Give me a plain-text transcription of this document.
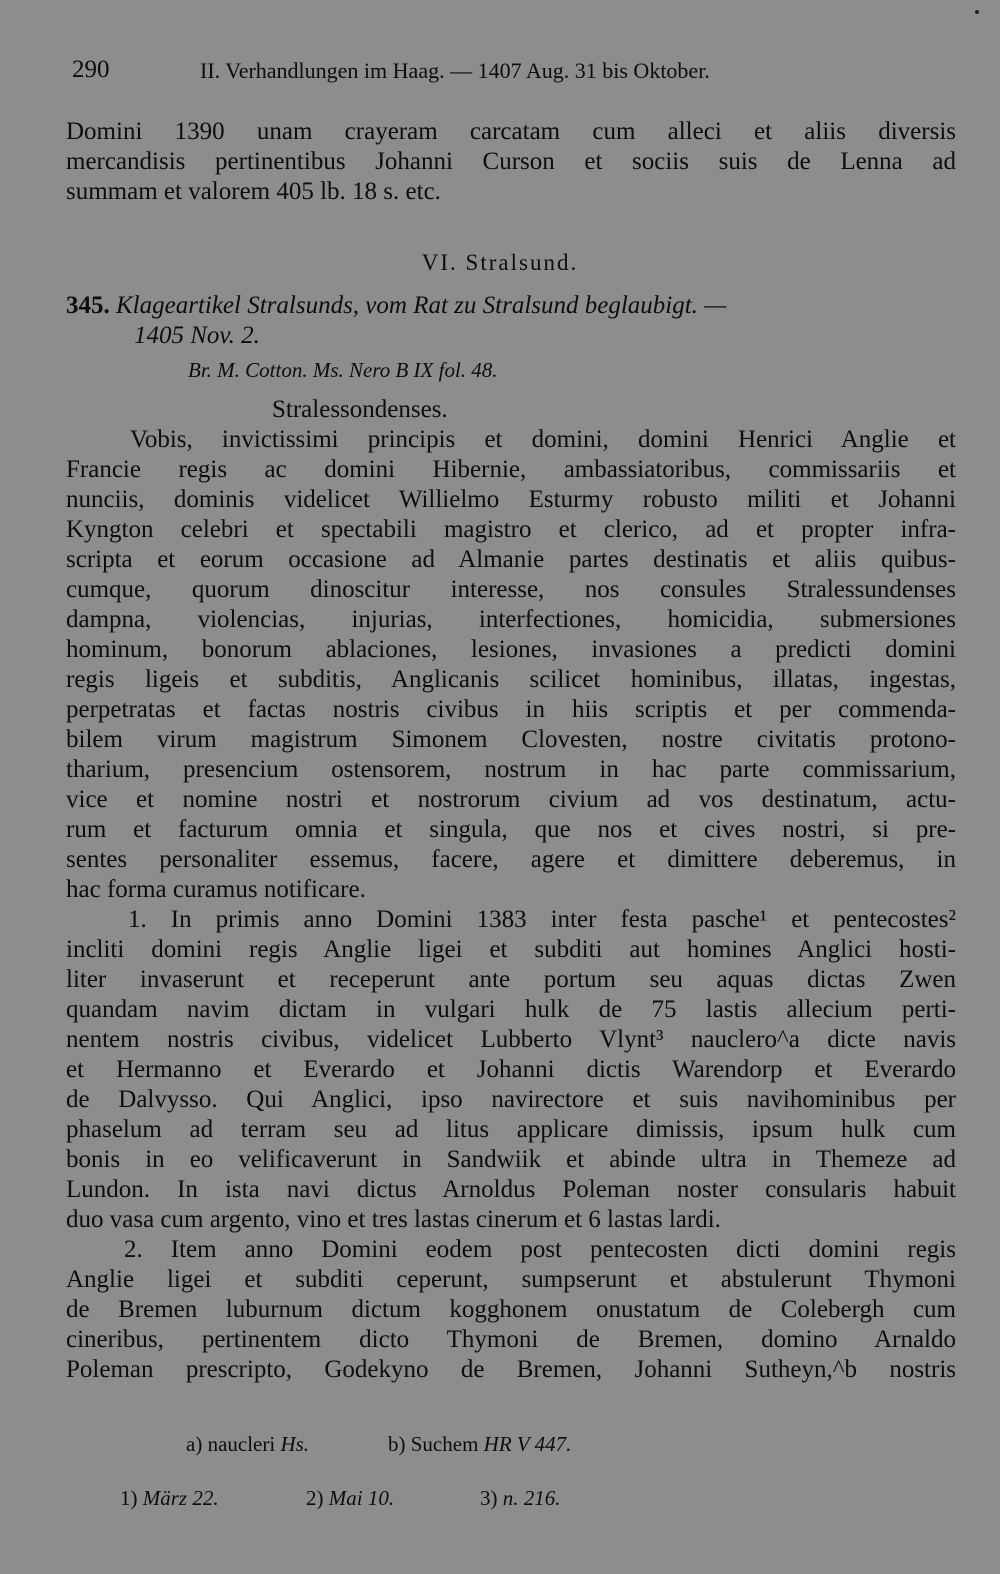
290	II. Verhandlungen im Haag. — 1407 Aug. 31 bis Oktober.
Domini 1390 unam crayeram carcatam cum alleci et aliis diversis
mercandisis pertinentibus Johanni Curson et sociis suis de Lenna ad
summam et valorem 405 lb. 18 s. etc.
VI. Stralsund.
345. Klageartikel Stralsunds, vom Rat zu Stralsund beglaubigt. —
1405 Nov. 2.
Br. M. Cotton. Ms. Nero B IX fol. 48.
Stralessondenses.
Vobis, invictissimi principis et domini, domini Henrici Anglie et
Francie regis ac domini Hibernie, ambassiatoribus, commissariis et
nunciis, dominis videlicet Willielmo Esturmy robusto militi et Johanni
Kyngton celebri et spectabili magistro et clerico, ad et propter infra-
scripta et eorum occasione ad Almanie partes destinatis et aliis quibus-
cumque, quorum dinoscitur interesse, nos consules Stralessundenses
dampna, violencias, injurias, interfectiones, homicidia, submersiones
hominum, bonorum ablaciones, lesiones, invasiones a predicti domini
regis ligeis et subditis, Anglicanis scilicet hominibus, illatas, ingestas,
perpetratas et factas nostris civibus in hiis scriptis et per commenda-
bilem virum magistrum Simonem Clovesten, nostre civitatis protono-
tharium, presencium ostensorem, nostrum in hac parte commissarium,
vice et nomine nostri et nostrorum civium ad vos destinatum, actu-
rum et facturum omnia et singula, que nos et cives nostri, si pre-
sentes personaliter essemus, facere, agere et dimittere deberemus, in
hac forma curamus notificare.
1. In primis anno Domini 1383 inter festa pasche¹ et pentecostes²
incliti domini regis Anglie ligei et subditi aut homines Anglici hosti-
liter invaserunt et receperunt ante portum seu aquas dictas Zwen
quandam navim dictam in vulgari hulk de 75 lastis allecium perti-
nentem nostris civibus, videlicet Lubberto Vlynt³ nauclero^a dicte navis
et Hermanno et Everardo et Johanni dictis Warendorp et Everardo
de Dalvysso. Qui Anglici, ipso navirectore et suis navihominibus per
phaselum ad terram seu ad litus applicare dimissis, ipsum hulk cum
bonis in eo velificaverunt in Sandwiik et abinde ultra in Themeze ad
Lundon. In ista navi dictus Arnoldus Poleman noster consularis habuit
duo vasa cum argento, vino et tres lastas cinerum et 6 lastas lardi.
2. Item anno Domini eodem post pentecosten dicti domini regis
Anglie ligei et subditi ceperunt, sumpserunt et abstulerunt Thymoni
de Bremen luburnum dictum kogghonem onustatum de Colebergh cum
cineribus, pertinentem dicto Thymoni de Bremen, domino Arnaldo
Poleman prescripto, Godekyno de Bremen, Johanni Sutheyn,^b nostris
a) naucleri Hs.	b) Suchem HR V 447.
1) März 22.	2) Mai 10.	3) n. 216.
